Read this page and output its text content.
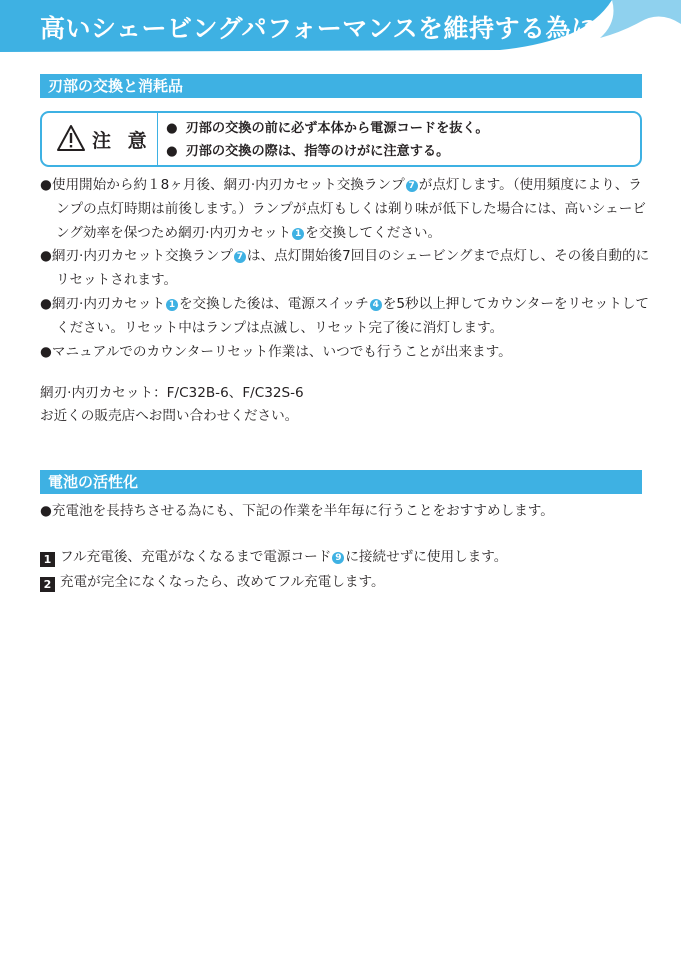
高いシェービングパフォーマンスを維持する為に
刃部の交換と消耗品
注 意
● 刃部の交換の前に必ず本体から電源コードを抜く。
● 刃部の交換の際は、指等のけがに注意する。

●使用開始から約１8ヶ月後、網刃·内刃カセット交換ランプ 7 が点灯します。（使用頻度により、ランプの点灯時期は前後します。）ランプが点灯もしくは剃り味が低下した場合には、高いシェービング効率を保つため網刃·内刃カセット 1 を交換してください。

●網刃·内刃カセット交換ランプ 7 は、点灯開始後7回目のシェービングまで点灯し、その後自動的にリセットされます。

●網刃·内刃カセット 1 を交換した後は、電源スイッチ 4 を5秒以上押してカウンターをリセットしてください。リセット中はランプは点滅し、リセット完了後に消灯します。

●マニュアルでのカウンターリセット作業は、いつでも行うことが出来ます。

網刃·内刃カセット：F/C32B-6、F/C32S-6

お近くの販売店へお問い合わせください。

電池の活性化

●充電池を長持ちさせる為にも、下記の作業を半年毎に行うことをおすすめします。

1 フル充電後、充電がなくなるまで電源コード 9 に接続せずに使用します。
2 充電が完全になくなったら、改めてフル充電します。
